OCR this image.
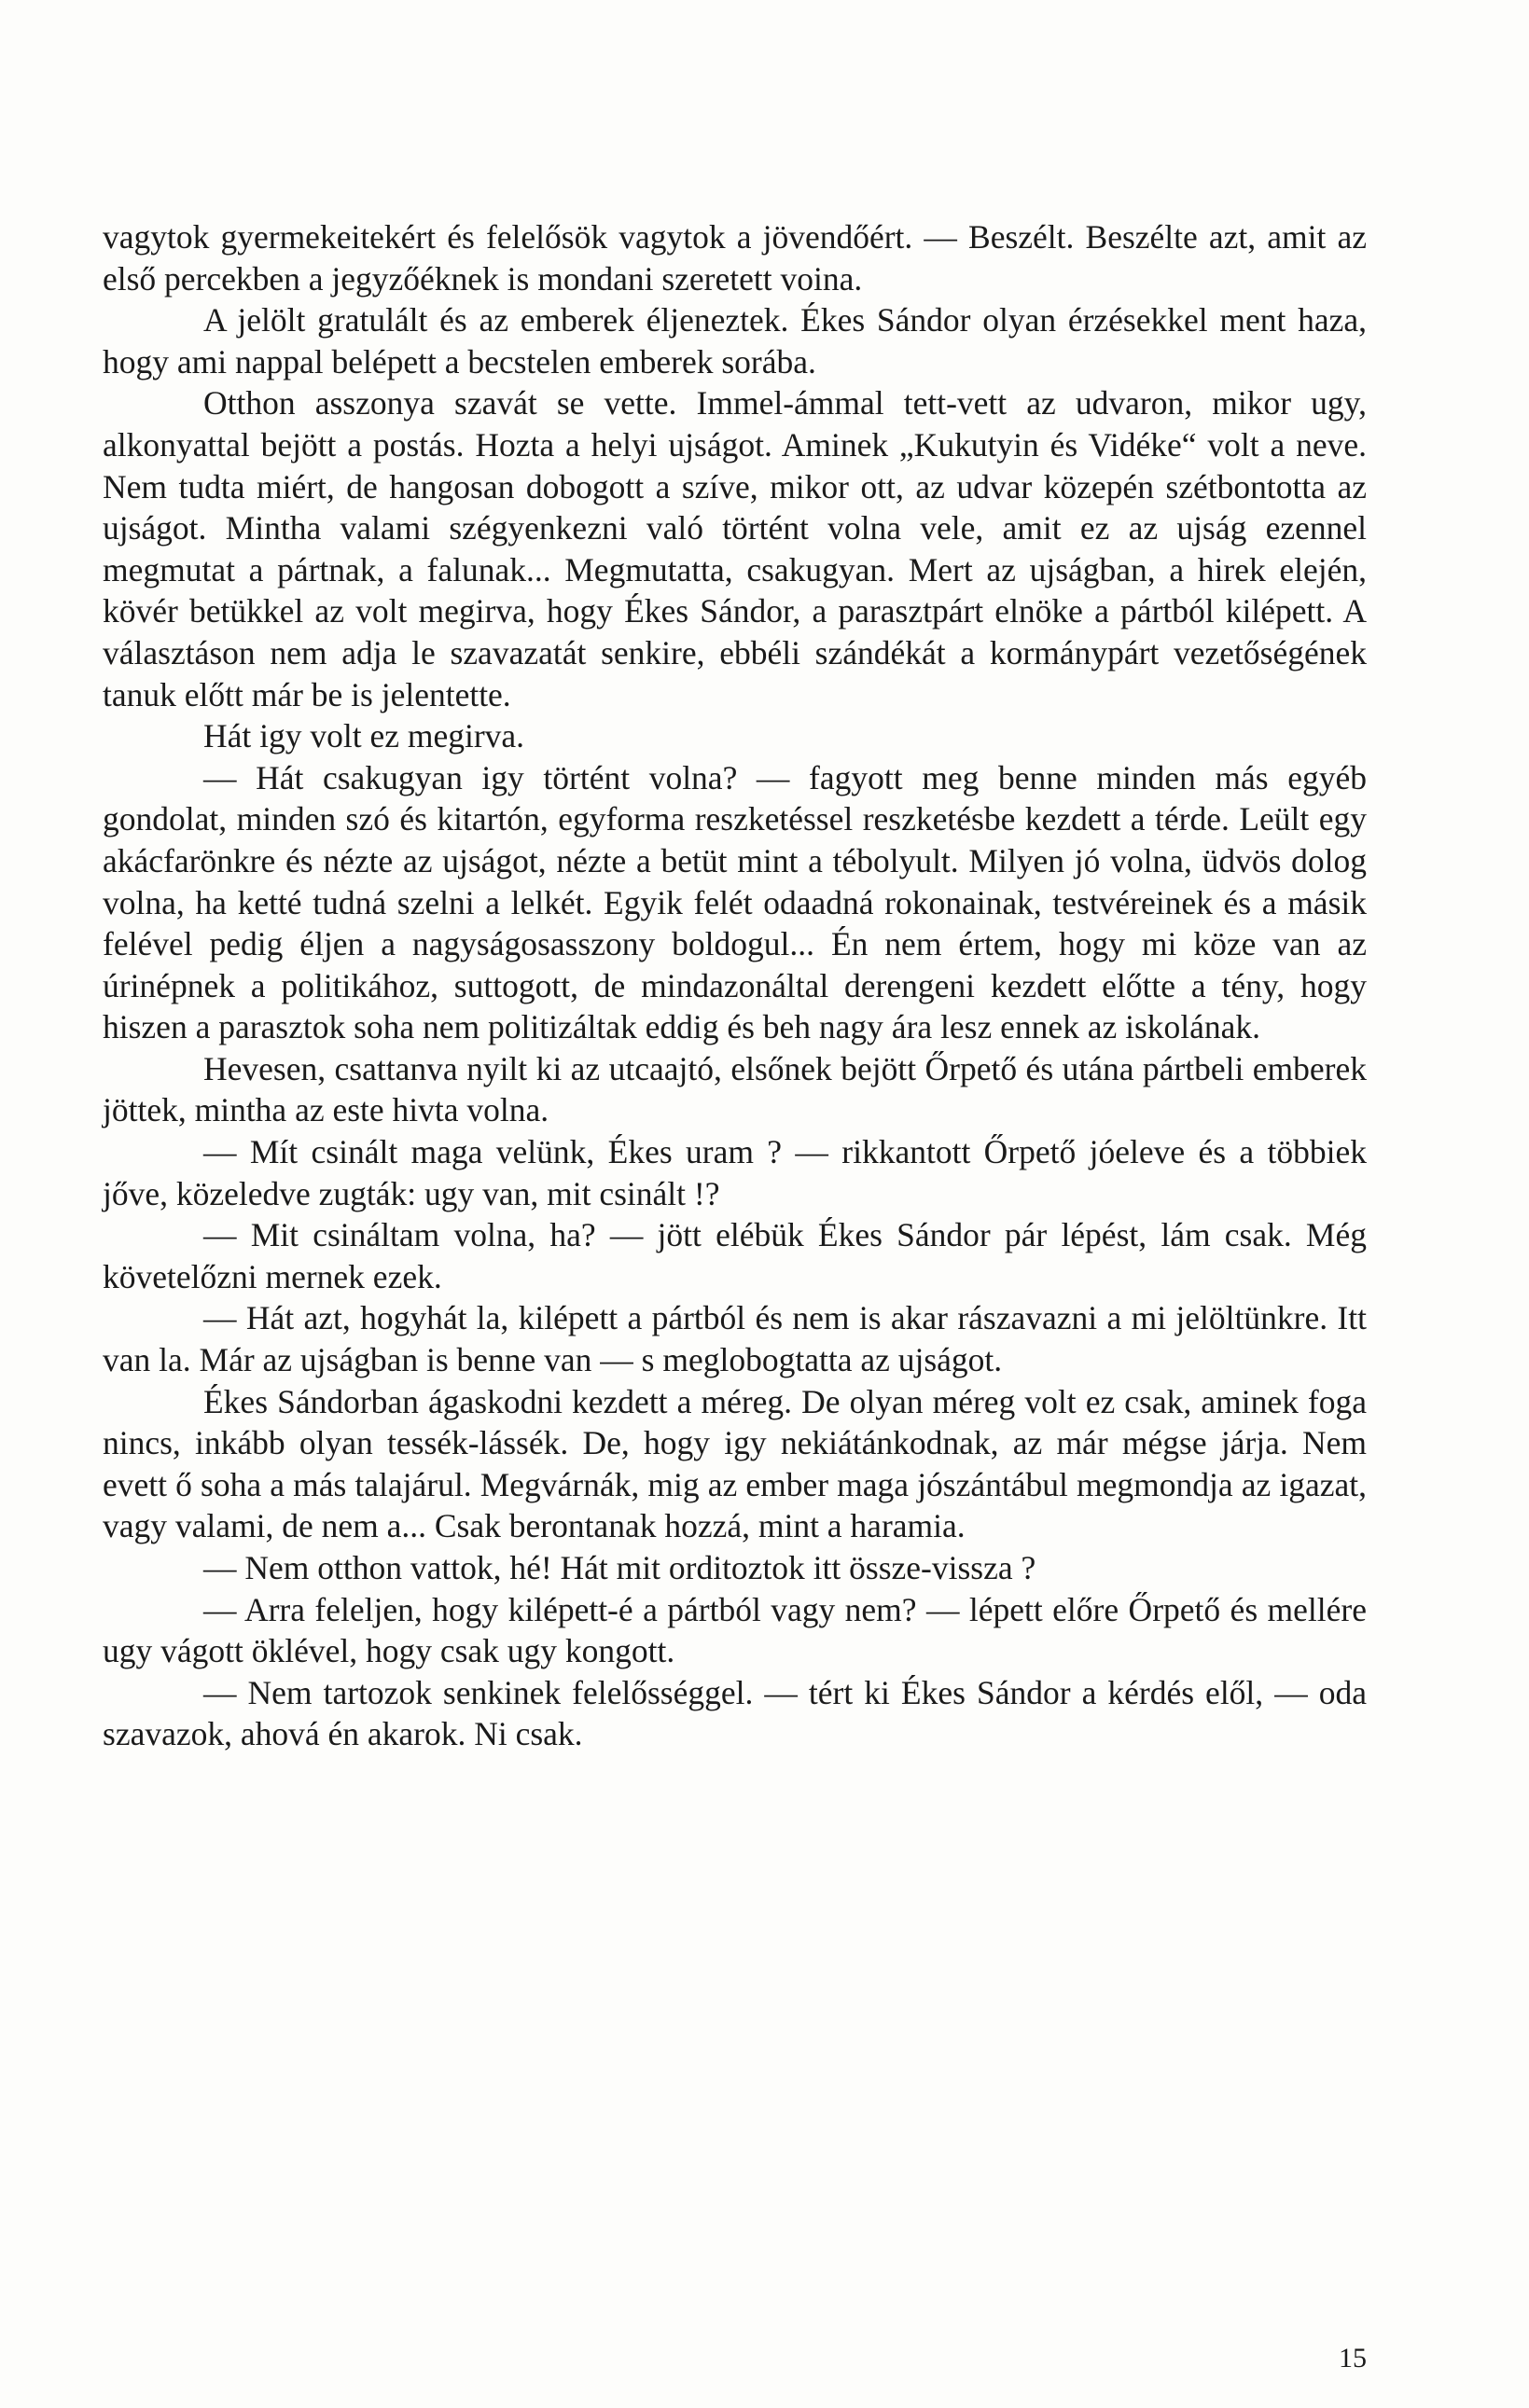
vagytok gyermekeitekért és felelősök vagytok a jövendőért. — Beszélt. Beszélte azt, amit az első percekben a jegyzőéknek is mondani szeretett voina.

A jelölt gratulált és az emberek éljeneztek. Ékes Sándor olyan érzésekkel ment haza, hogy ami nappal belépett a becstelen emberek sorába.

Otthon asszonya szavát se vette. Immel-ámmal tett-vett az udvaron, mikor ugy, alkonyattal bejött a postás. Hozta a helyi ujságot. Aminek „Kukutyin és Vidéke“ volt a neve. Nem tudta miért, de hangosan dobogott a szíve, mikor ott, az udvar közepén szétbontotta az ujságot. Mintha valami szégyenkezni való történt volna vele, amit ez az ujság ezennel megmutat a pártnak, a falunak... Megmutatta, csakugyan. Mert az ujságban, a hirek elején, kövér betükkel az volt megirva, hogy Ékes Sándor, a parasztpárt elnöke a pártból kilépett. A választáson nem adja le szavazatát senkire, ebbéli szándékát a kormánypárt vezetőségének tanuk előtt már be is jelentette.

Hát igy volt ez megirva.

— Hát csakugyan igy történt volna? — fagyott meg benne minden más egyéb gondolat, minden szó és kitartón, egyforma reszketéssel reszketésbe kezdett a térde. Leült egy akácfarönkre és nézte az ujságot, nézte a betüt mint a tébolyult. Milyen jó volna, üdvös dolog volna, ha ketté tudná szelni a lelkét. Egyik felét odaadná rokonainak, testvéreinek és a másik felével pedig éljen a nagyságosasszony boldogul... Én nem értem, hogy mi köze van az úrinépnek a politikához, suttogott, de mindazonáltal derengeni kezdett előtte a tény, hogy hiszen a parasztok soha nem politizáltak eddig és beh nagy ára lesz ennek az iskolának.

Hevesen, csattanva nyilt ki az utcaajtó, elsőnek bejött Őrpető és utána pártbeli emberek jöttek, mintha az este hivta volna.

— Mít csinált maga velünk, Ékes uram ? — rikkantott Őrpető jóeleve és a többiek jőve, közeledve zugták: ugy van, mit csinált !?

— Mit csináltam volna, ha? — jött elébük Ékes Sándor pár lépést, lám csak. Még követelőzni mernek ezek.

— Hát azt, hogyhát la, kilépett a pártból és nem is akar rászavazni a mi jelöltünkre. Itt van la. Már az ujságban is benne van — s meglobogtatta az ujságot.

Ékes Sándorban ágaskodni kezdett a méreg. De olyan méreg volt ez csak, aminek foga nincs, inkább olyan tessék-lássék. De, hogy igy nekiátánkodnak, az már mégse járja. Nem evett ő soha a más talajárul. Megvárnák, mig az ember maga jószántábul megmondja az igazat, vagy valami, de nem a... Csak berontanak hozzá, mint a haramia.

— Nem otthon vattok, hé! Hát mit orditoztok itt össze-vissza ?

— Arra feleljen, hogy kilépett-é a pártból vagy nem? — lépett előre Őrpető és mellére ugy vágott öklével, hogy csak ugy kongott.

— Nem tartozok senkinek felelősséggel. — tért ki Ékes Sándor a kérdés elől, — oda szavazok, ahová én akarok. Ni csak.

15
